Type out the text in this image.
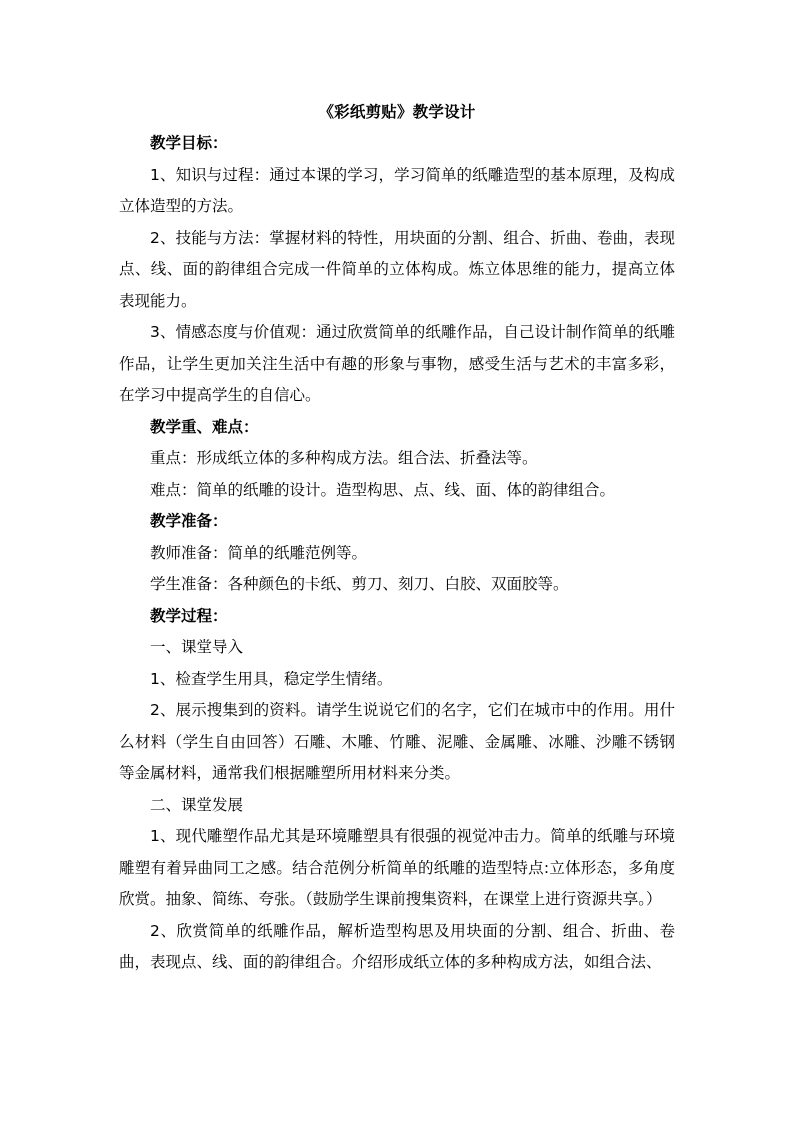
《彩纸剪贴》教学设计

教学目标：

1、知识与过程：通过本课的学习，学习简单的纸雕造型的基本原理，及构成立体造型的方法。

2、技能与方法：掌握材料的特性，用块面的分割、组合、折曲、卷曲，表现点、线、面的韵律组合完成一件简单的立体构成。炼立体思维的能力，提高立体表现能力。

3、情感态度与价值观：通过欣赏简单的纸雕作品，自己设计制作简单的纸雕作品，让学生更加关注生活中有趣的形象与事物，感受生活与艺术的丰富多彩，在学习中提高学生的自信心。

教学重、难点：

重点：形成纸立体的多种构成方法。组合法、折叠法等。

难点：简单的纸雕的设计。造型构思、点、线、面、体的韵律组合。

教学准备：

教师准备：简单的纸雕范例等。

学生准备：各种颜色的卡纸、剪刀、刻刀、白胶、双面胶等。

教学过程：

一、课堂导入

1、检查学生用具，稳定学生情绪。

2、展示搜集到的资料。请学生说说它们的名字，它们在城市中的作用。用什么材料（学生自由回答）石雕、木雕、竹雕、泥雕、金属雕、冰雕、沙雕不锈钢等金属材料，通常我们根据雕塑所用材料来分类。

二、课堂发展

1、现代雕塑作品尤其是环境雕塑具有很强的视觉冲击力。简单的纸雕与环境雕塑有着异曲同工之感。结合范例分析简单的纸雕的造型特点:立体形态，多角度欣赏。抽象、简练、夸张。（鼓励学生课前搜集资料，在课堂上进行资源共享。）

2、欣赏简单的纸雕作品，解析造型构思及用块面的分割、组合、折曲、卷曲，表现点、线、面的韵律组合。介绍形成纸立体的多种构成方法，如组合法、
